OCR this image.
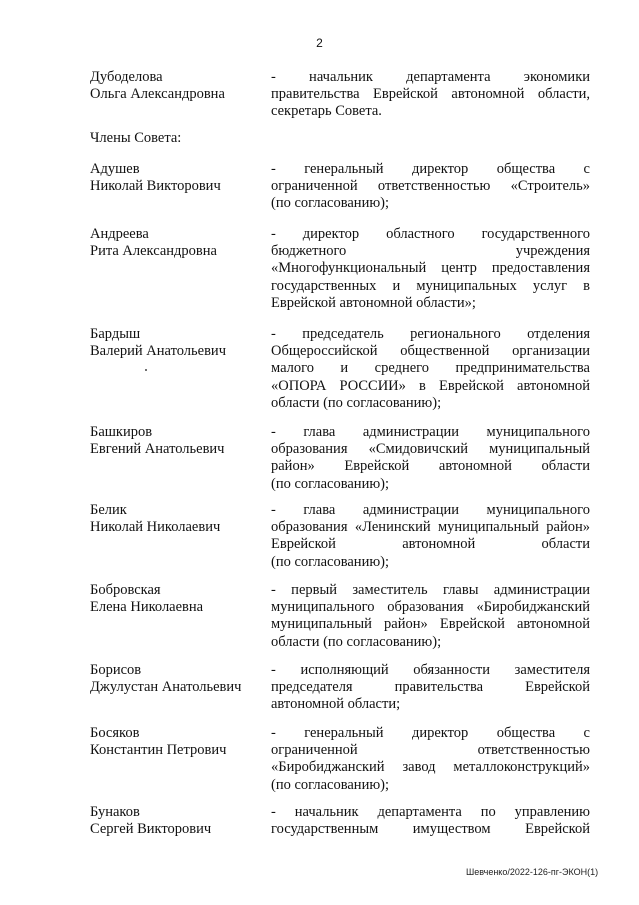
2
Дубоделова
Ольга Александровна
- начальник департамента экономики
правительства Еврейской автономной области,
секретарь Совета.
Члены Совета:
Адушев
Николай Викторович
- генеральный директор общества с
ограниченной ответственностью «Строитель»
(по согласованию);
Андреева
Рита Александровна
- директор областного государственного
бюджетного учреждения
«Многофункциональный центр предоставления
государственных и муниципальных услуг в
Еврейской автономной области»;
Бардыш
Валерий Анатольевич
- председатель регионального отделения
Общероссийской общественной организации
малого и среднего предпринимательства
«ОПОРА РОССИИ» в Еврейской автономной
области (по согласованию);
Башкиров
Евгений Анатольевич
- глава администрации муниципального
образования «Смидовичский муниципальный
район» Еврейской автономной области
(по согласованию);
Белик
Николай Николаевич
- глава администрации муниципального
образования «Ленинский муниципальный район»
Еврейской автономной области
(по согласованию);
Бобровская
Елена Николаевна
- первый заместитель главы администрации
муниципального образования «Биробиджанский
муниципальный район» Еврейской автономной
области (по согласованию);
Борисов
Джулустан Анатольевич
- исполняющий обязанности заместителя
председателя правительства Еврейской
автономной области;
Босяков
Константин Петрович
- генеральный директор общества с
ограниченной ответственностью
«Биробиджанский завод металлоконструкций»
(по согласованию);
Бунаков
Сергей Викторович
- начальник департамента по управлению
государственным имуществом Еврейской
Шевченко/2022-126-пг-ЭКОН(1)
